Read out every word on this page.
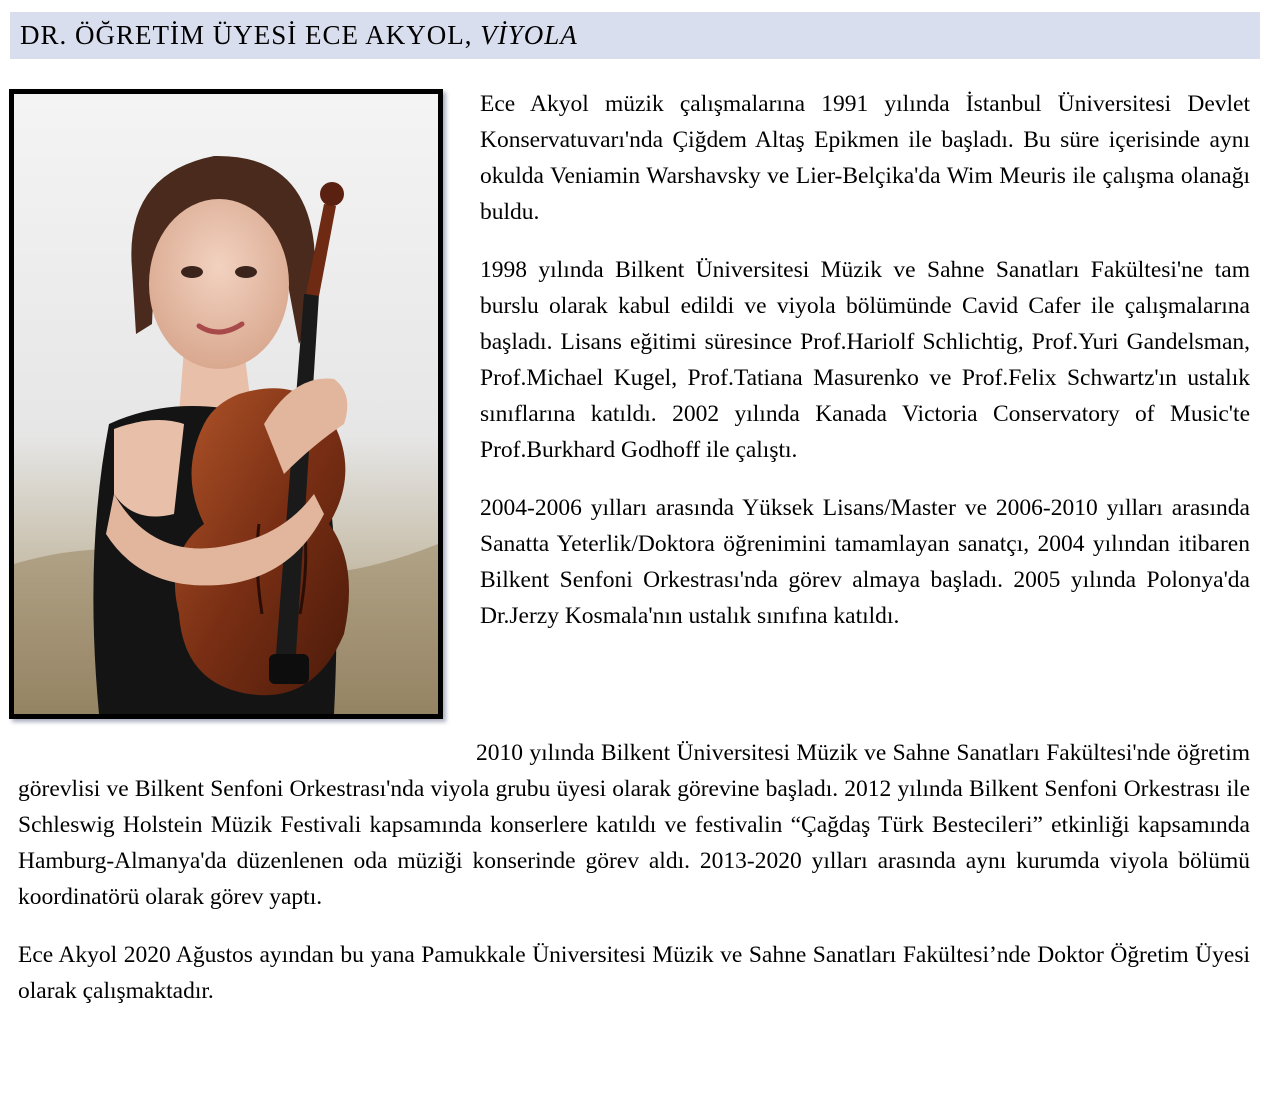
DR. ÖĞRETİM ÜYESİ ECE AKYOL,
VİYOLA

Ece Akyol müzik çalışmalarına 1991 yılında İstanbul Üniversitesi Devlet Konservatuvarı'nda Çiğdem Altaş Epikmen ile başladı. Bu süre içerisinde aynı okulda Veniamin Warshavsky ve Lier-Belçika'da Wim Meuris ile çalışma olanağı buldu.

1998 yılında Bilkent Üniversitesi Müzik ve Sahne Sanatları Fakültesi'ne tam burslu olarak kabul edildi ve viyola bölümünde Cavid Cafer ile çalışmalarına başladı. Lisans eğitimi süresince Prof.Hariolf Schlichtig, Prof.Yuri Gandelsman, Prof.Michael Kugel, Prof.Tatiana Masurenko ve Prof.Felix Schwartz'ın ustalık sınıflarına katıldı. 2002 yılında Kanada Victoria Conservatory of Music'te Prof.Burkhard Godhoff ile çalıştı.

2004-2006 yılları arasında Yüksek Lisans/Master ve 2006-2010 yılları arasında Sanatta Yeterlik/Doktora öğrenimini tamamlayan sanatçı, 2004 yılından itibaren Bilkent Senfoni Orkestrası'nda görev almaya başladı. 2005 yılında Polonya'da Dr.Jerzy Kosmala'nın ustalık sınıfına katıldı.

2010 yılında Bilkent Üniversitesi Müzik ve Sahne Sanatları Fakültesi'nde öğretim görevlisi ve Bilkent Senfoni Orkestrası'nda viyola grubu üyesi olarak görevine başladı. 2012 yılında Bilkent Senfoni Orkestrası ile Schleswig Holstein Müzik Festivali kapsamında konserlere katıldı ve festivalin “Çağdaş Türk Bestecileri” etkinliği kapsamında Hamburg-Almanya'da düzenlenen oda müziği konserinde görev aldı. 2013-2020 yılları arasında aynı kurumda viyola bölümü koordinatörü olarak görev yaptı.

Ece Akyol 2020 Ağustos ayından bu yana Pamukkale Üniversitesi Müzik ve Sahne Sanatları Fakültesi’nde Doktor Öğretim Üyesi olarak çalışmaktadır.
